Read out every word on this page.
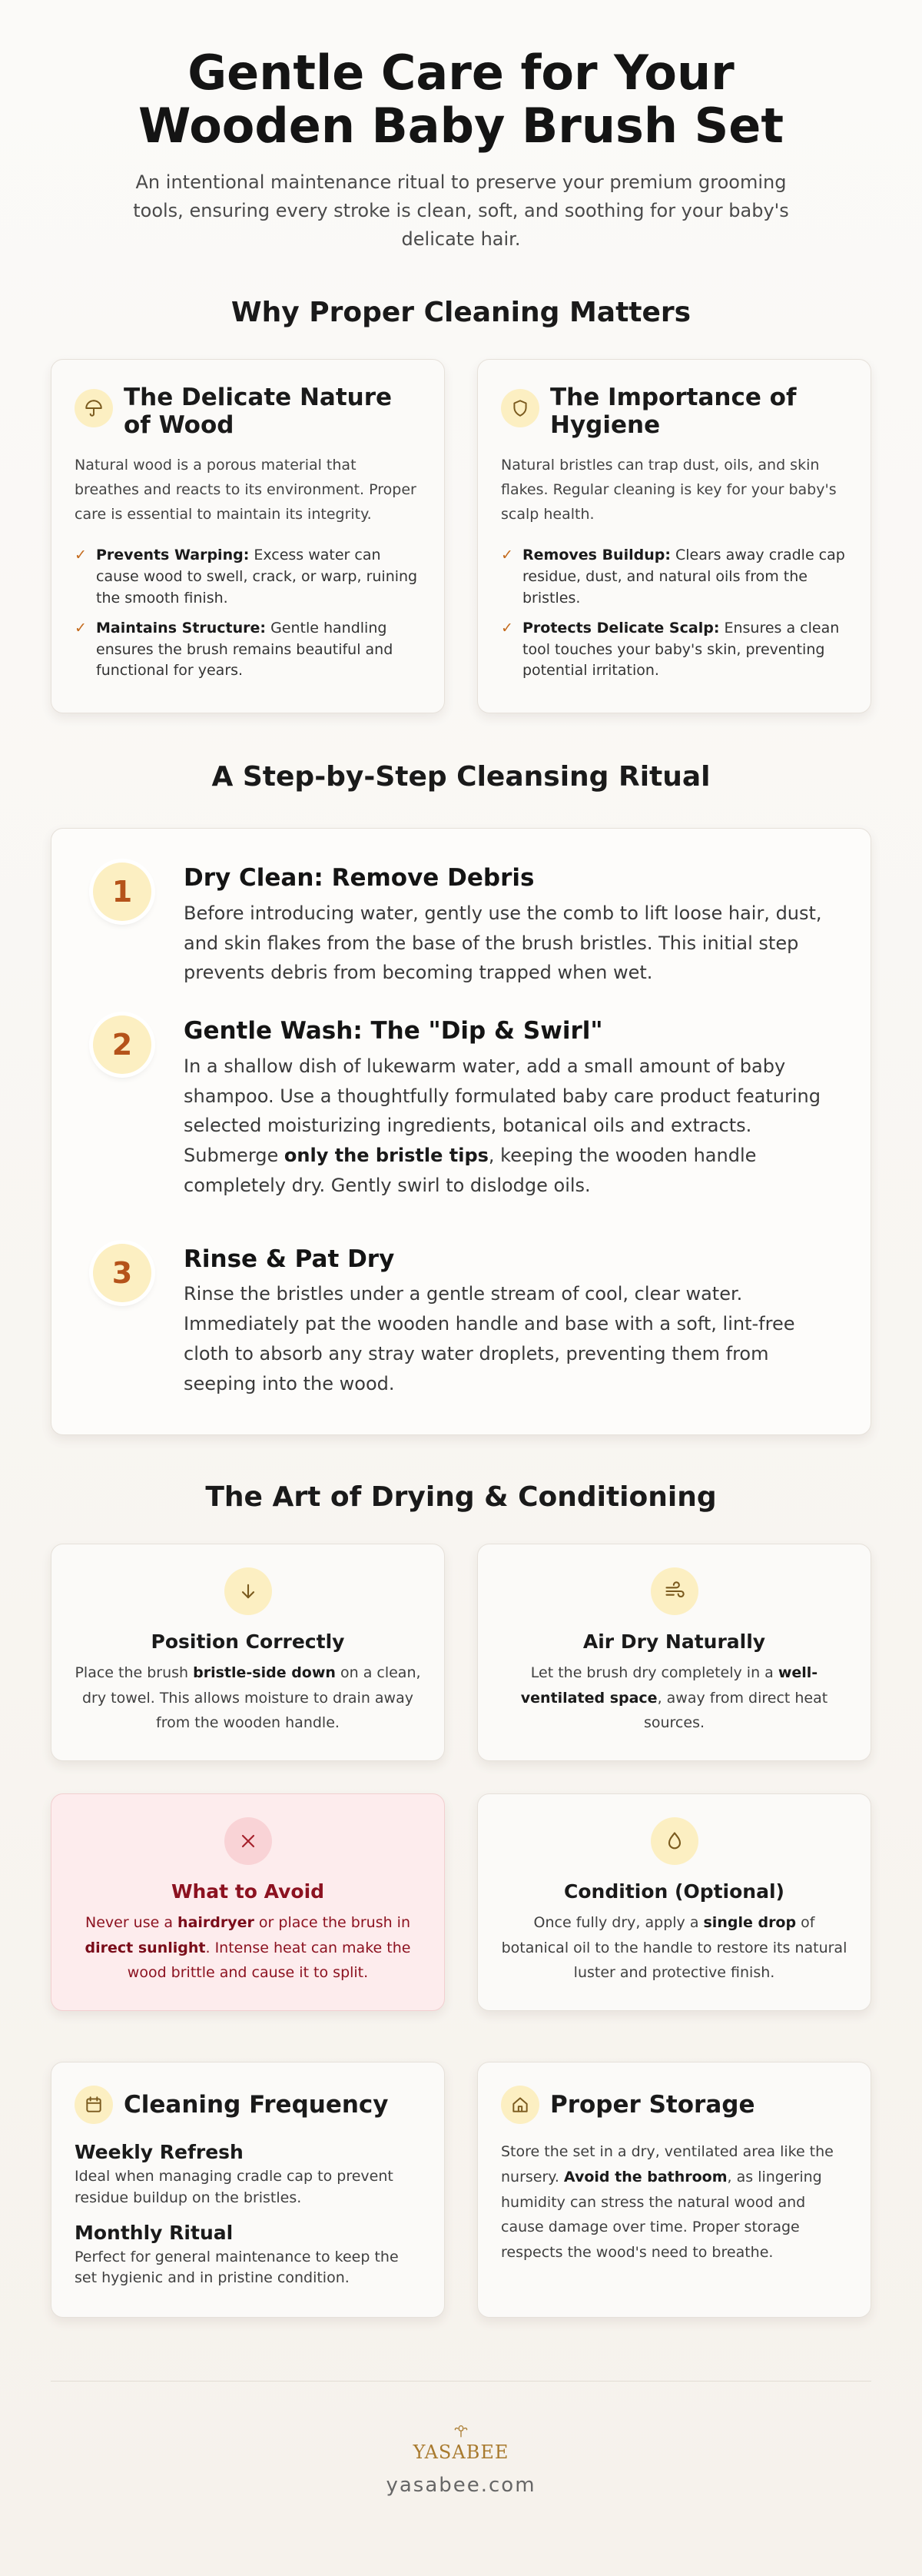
Gentle Care for Your Wooden Baby Brush Set

An intentional maintenance ritual to preserve your premium grooming tools, ensuring every stroke is clean, soft, and soothing for your baby's delicate hair.

Why Proper Cleaning Matters
The Delicate Nature of Wood

Natural wood is a porous material that breathes and reacts to its environment. Proper care is essential to maintain its integrity.

✓ Prevents Warping: Excess water can cause wood to swell, crack, or warp, ruining the smooth finish.
✓ Maintains Structure: Gentle handling ensures the brush remains beautiful and functional for years.
The Importance of Hygiene

Natural bristles can trap dust, oils, and skin flakes. Regular cleaning is key for your baby's scalp health.

✓ Removes Buildup: Clears away cradle cap residue, dust, and natural oils from the bristles.
✓ Protects Delicate Scalp: Ensures a clean tool touches your baby's skin, preventing potential irritation.
A Step-by-Step Cleansing Ritual
1	Dry Clean: Remove Debris

Before introducing water, gently use the comb to lift loose hair, dust, and skin flakes from the base of the brush bristles. This initial step prevents debris from becoming trapped when wet.

2	Gentle Wash: The "Dip & Swirl"

In a shallow dish of lukewarm water, add a small amount of baby shampoo. Use a thoughtfully formulated baby care product featuring selected moisturizing ingredients, botanical oils and extracts. Submerge only the bristle tips, keeping the wooden handle completely dry. Gently swirl to dislodge oils.

3	Rinse & Pat Dry

Rinse the bristles under a gentle stream of cool, clear water. Immediately pat the wooden handle and base with a soft, lint-free cloth to absorb any stray water droplets, preventing them from seeping into the wood.

The Art of Drying & Conditioning
Position Correctly

Place the brush bristle-side down on a clean, dry towel. This allows moisture to drain away from the wooden handle.

Air Dry Naturally

Let the brush dry completely in a well-ventilated space, away from direct heat sources.

What to Avoid

Never use a hairdryer or place the brush in direct sunlight. Intense heat can make the wood brittle and cause it to split.

Condition (Optional)

Once fully dry, apply a single drop of botanical oil to the handle to restore its natural luster and protective finish.

Cleaning Frequency
Weekly Refresh
Ideal when managing cradle cap to prevent residue buildup on the bristles.
Monthly Ritual
Perfect for general maintenance to keep the set hygienic and in pristine condition.
Proper Storage

Store the set in a dry, ventilated area like the nursery. Avoid the bathroom, as lingering humidity can stress the natural wood and cause damage over time. Proper storage respects the wood's need to breathe.

YASABEE
yasabee.com
